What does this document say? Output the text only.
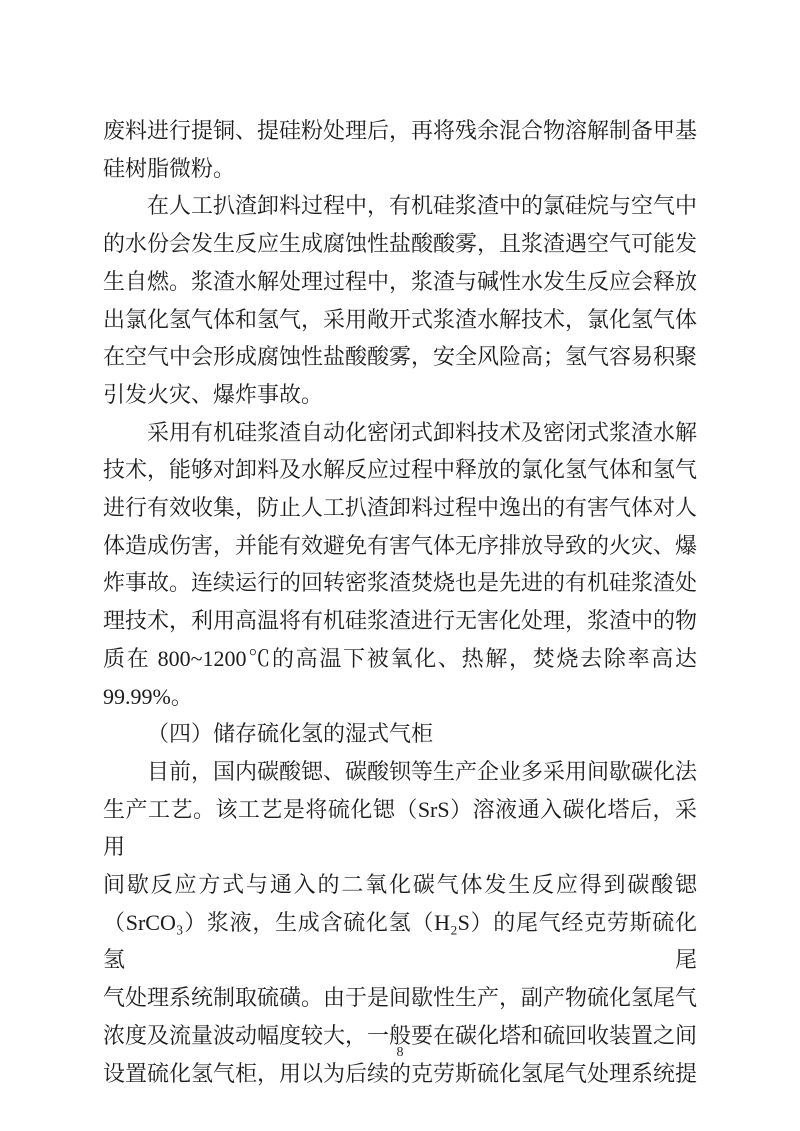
废料进行提铜、提硅粉处理后，再将残余混合物溶解制备甲基
硅树脂微粉。
在人工扒渣卸料过程中，有机硅浆渣中的氯硅烷与空气中
的水份会发生反应生成腐蚀性盐酸酸雾，且浆渣遇空气可能发
生自燃。浆渣水解处理过程中，浆渣与碱性水发生反应会释放
出氯化氢气体和氢气，采用敞开式浆渣水解技术，氯化氢气体
在空气中会形成腐蚀性盐酸酸雾，安全风险高；氢气容易积聚
引发火灾、爆炸事故。
采用有机硅浆渣自动化密闭式卸料技术及密闭式浆渣水解
技术，能够对卸料及水解反应过程中释放的氯化氢气体和氢气
进行有效收集，防止人工扒渣卸料过程中逸出的有害气体对人
体造成伤害，并能有效避免有害气体无序排放导致的火灾、爆
炸事故。连续运行的回转密浆渣焚烧也是先进的有机硅浆渣处
理技术，利用高温将有机硅浆渣进行无害化处理，浆渣中的物
质在 800~1200℃的高温下被氧化、热解，焚烧去除率高达
99.99%。
（四）储存硫化氢的湿式气柜
目前，国内碳酸锶、碳酸钡等生产企业多采用间歇碳化法
生产工艺。该工艺是将硫化锶（SrS）溶液通入碳化塔后，采用
间歇反应方式与通入的二氧化碳气体发生反应得到碳酸锶
（SrCO₃）浆液，生成含硫化氢（H₂S）的尾气经克劳斯硫化氢尾
气处理系统制取硫磺。由于是间歇性生产，副产物硫化氢尾气
浓度及流量波动幅度较大，一般要在碳化塔和硫回收装置之间
设置硫化氢气柜，用以为后续的克劳斯硫化氢尾气处理系统提
8
